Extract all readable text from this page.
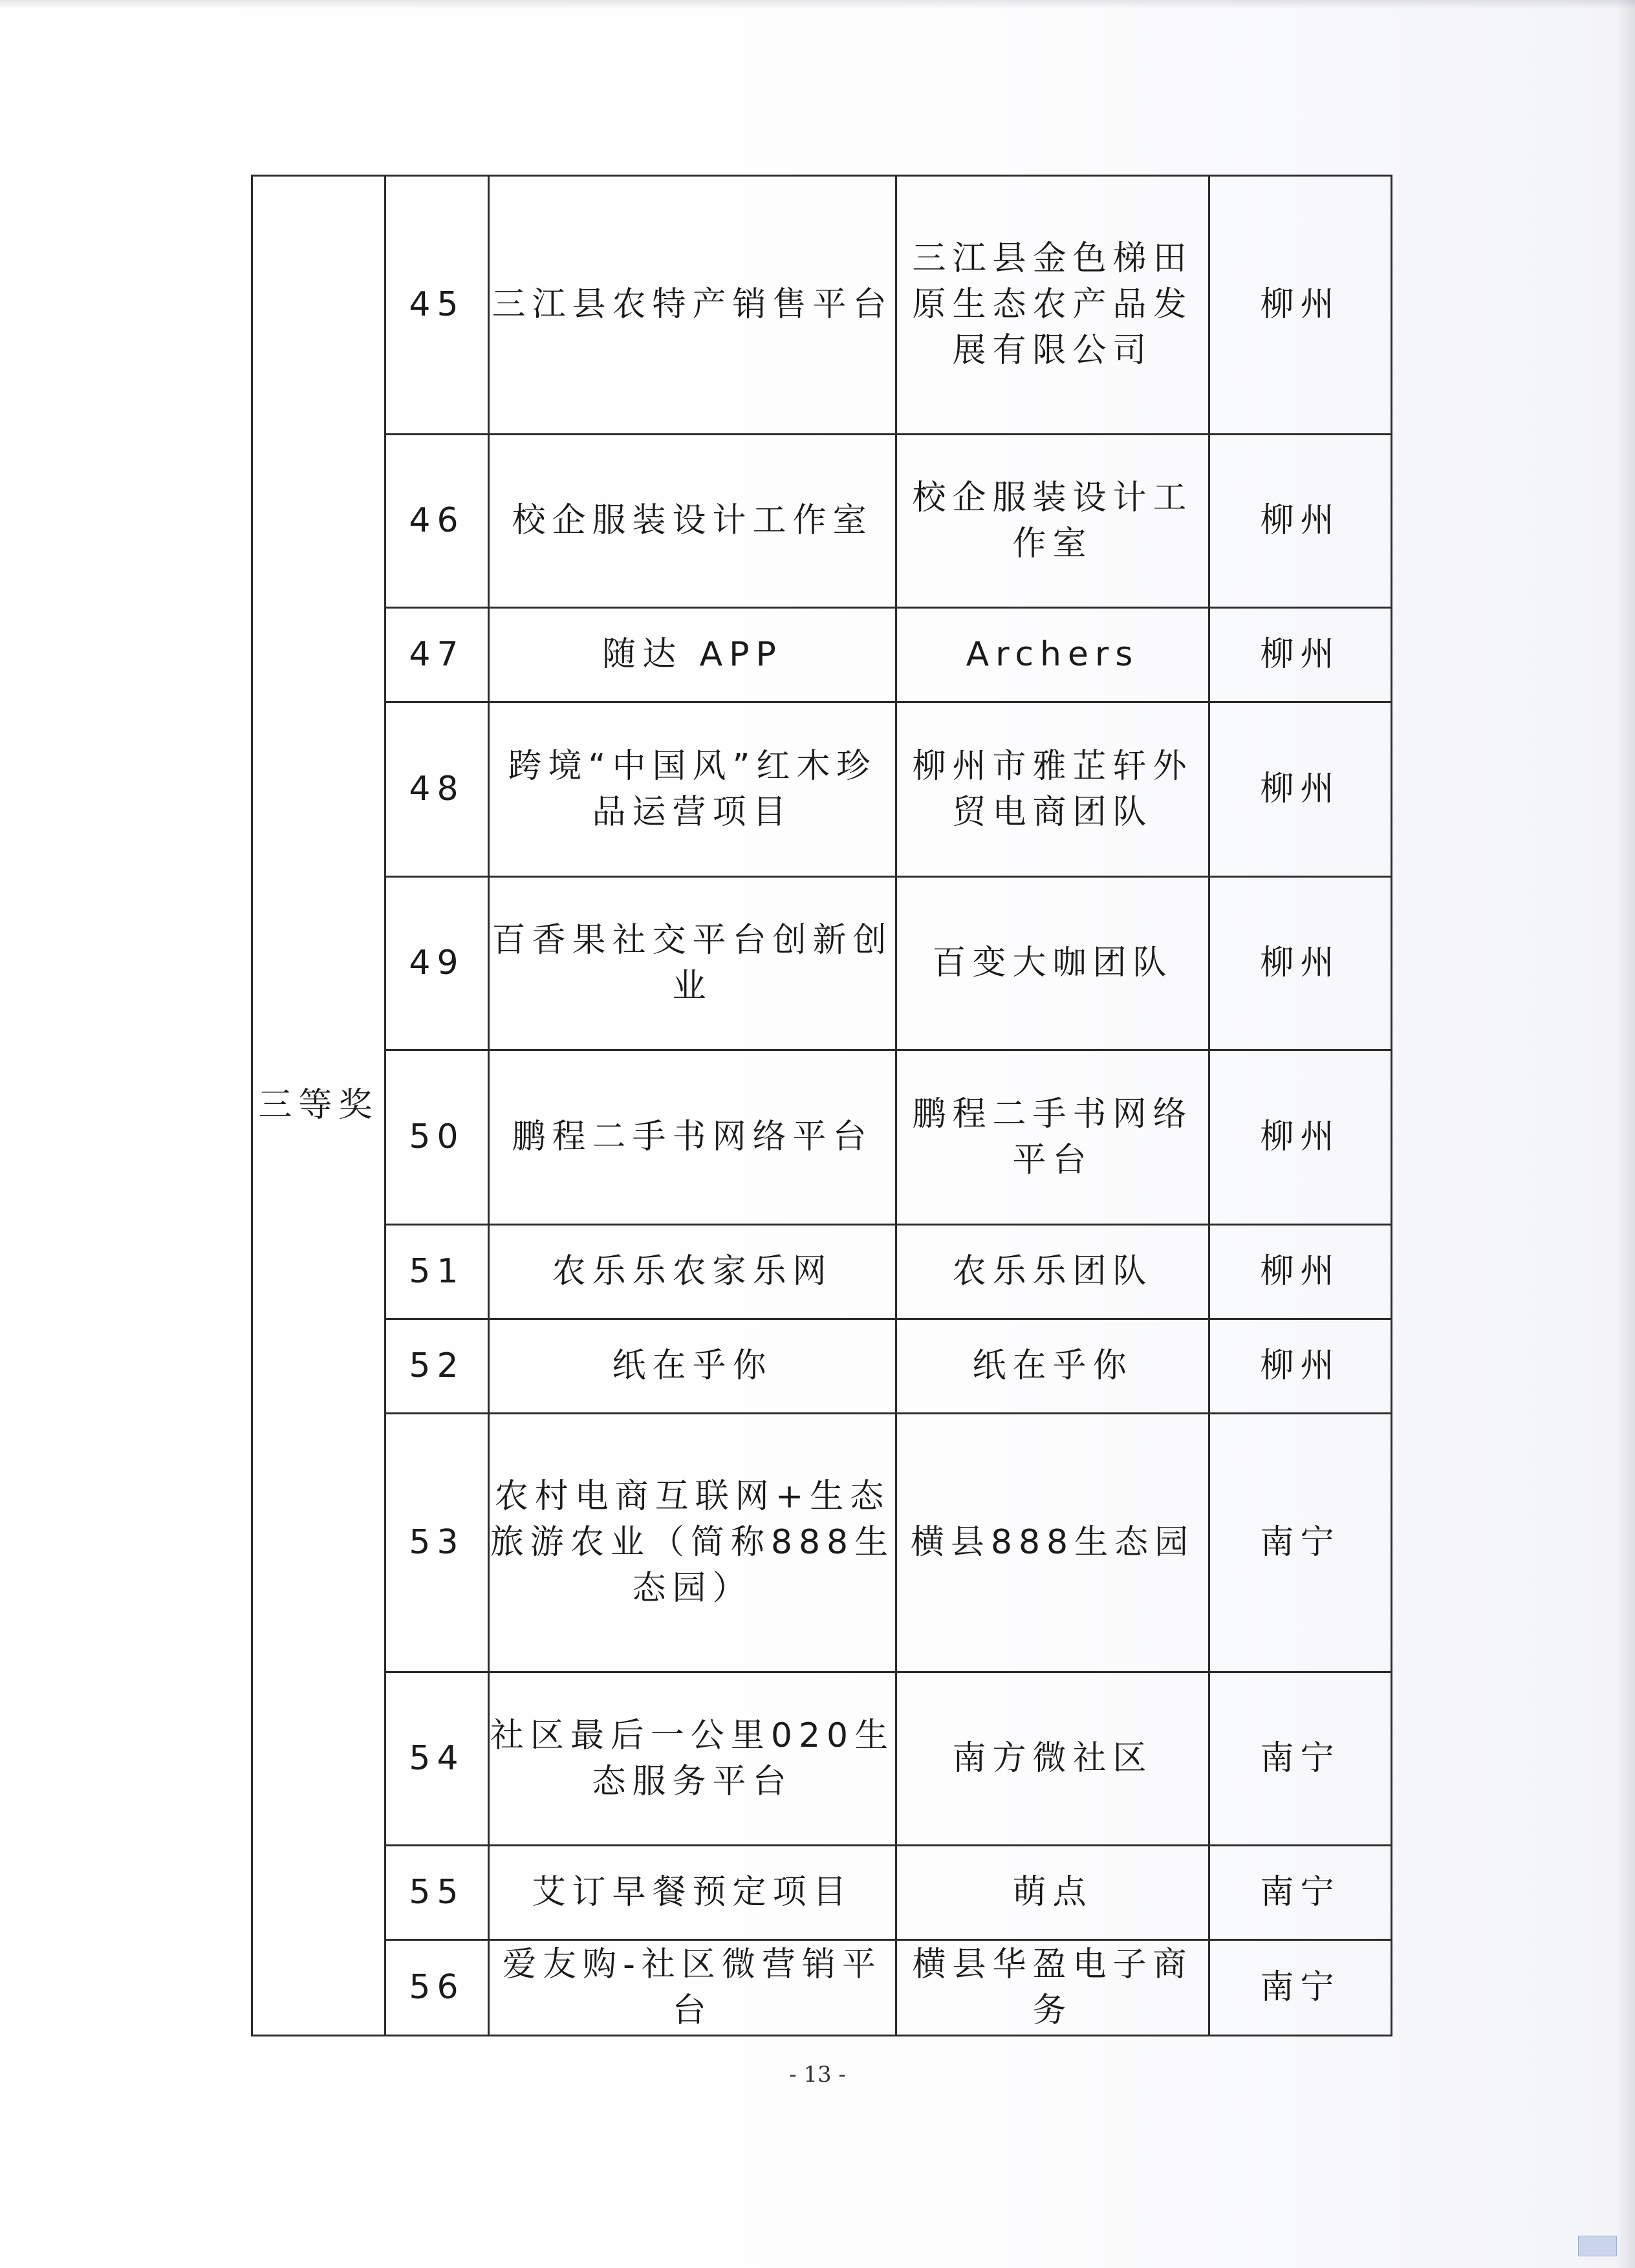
三等奖	45	三江县农特产销售平台	三江县金色梯田原生态农产品发展有限公司	柳州
	46	校企服装设计工作室	校企服装设计工作室	柳州
	47	随达 APP	Archers	柳州
	48	跨境“中国风”红木珍品运营项目	柳州市雅芷轩外贸电商团队	柳州
	49	百香果社交平台创新创业	百变大咖团队	柳州
	50	鹏程二手书网络平台	鹏程二手书网络平台	柳州
	51	农乐乐农家乐网	农乐乐团队	柳州
	52	纸在乎你	纸在乎你	柳州
	53	农村电商互联网+生态旅游农业（简称888生态园）	横县888生态园	南宁
	54	社区最后一公里020生态服务平台	南方微社区	南宁
	55	艾订早餐预定项目	萌点	南宁
	56	爱友购-社区微营销平台	横县华盈电子商务	南宁
- 13 -
